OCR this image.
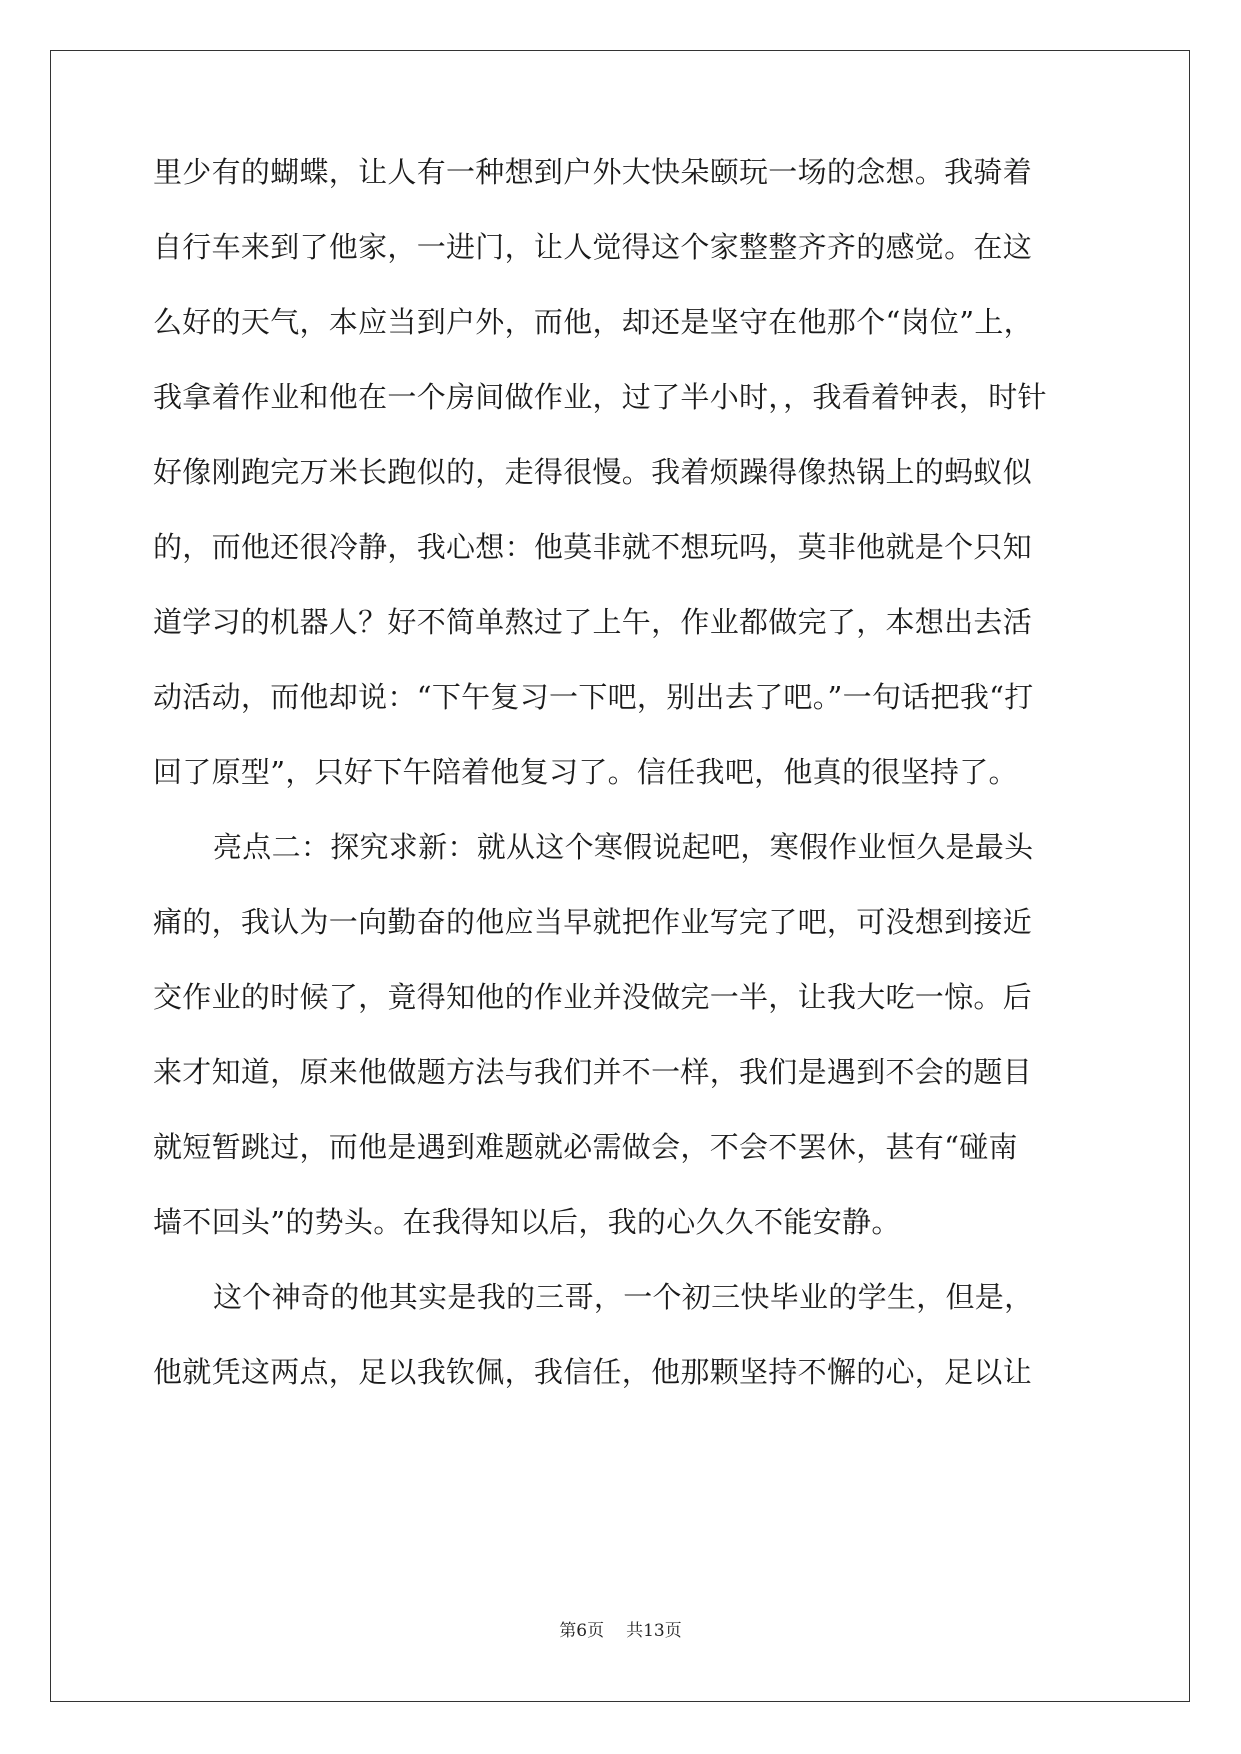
里少有的蝴蝶，让人有一种想到户外大快朵颐玩一场的念想。我骑着
自行车来到了他家，一进门，让人觉得这个家整整齐齐的感觉。在这
么好的天气，本应当到户外，而他，却还是坚守在他那个“岗位”上，
我拿着作业和他在一个房间做作业，过了半小时，，我看着钟表，时针
好像刚跑完万米长跑似的，走得很慢。我着烦躁得像热锅上的蚂蚁似
的，而他还很冷静，我心想：他莫非就不想玩吗，莫非他就是个只知
道学习的机器人？好不简单熬过了上午，作业都做完了，本想出去活
动活动，而他却说：“下午复习一下吧，别出去了吧。”一句话把我“打
回了原型”，只好下午陪着他复习了。信任我吧，他真的很坚持了。
亮点二：探究求新：就从这个寒假说起吧，寒假作业恒久是最头
痛的，我认为一向勤奋的他应当早就把作业写完了吧，可没想到接近
交作业的时候了，竟得知他的作业并没做完一半，让我大吃一惊。后
来才知道，原来他做题方法与我们并不一样，我们是遇到不会的题目
就短暂跳过，而他是遇到难题就必需做会，不会不罢休，甚有“碰南
墙不回头”的势头。在我得知以后，我的心久久不能安静。
这个神奇的他其实是我的三哥，一个初三快毕业的学生，但是，
他就凭这两点，足以我钦佩，我信任，他那颗坚持不懈的心，足以让
第6页 共13页
